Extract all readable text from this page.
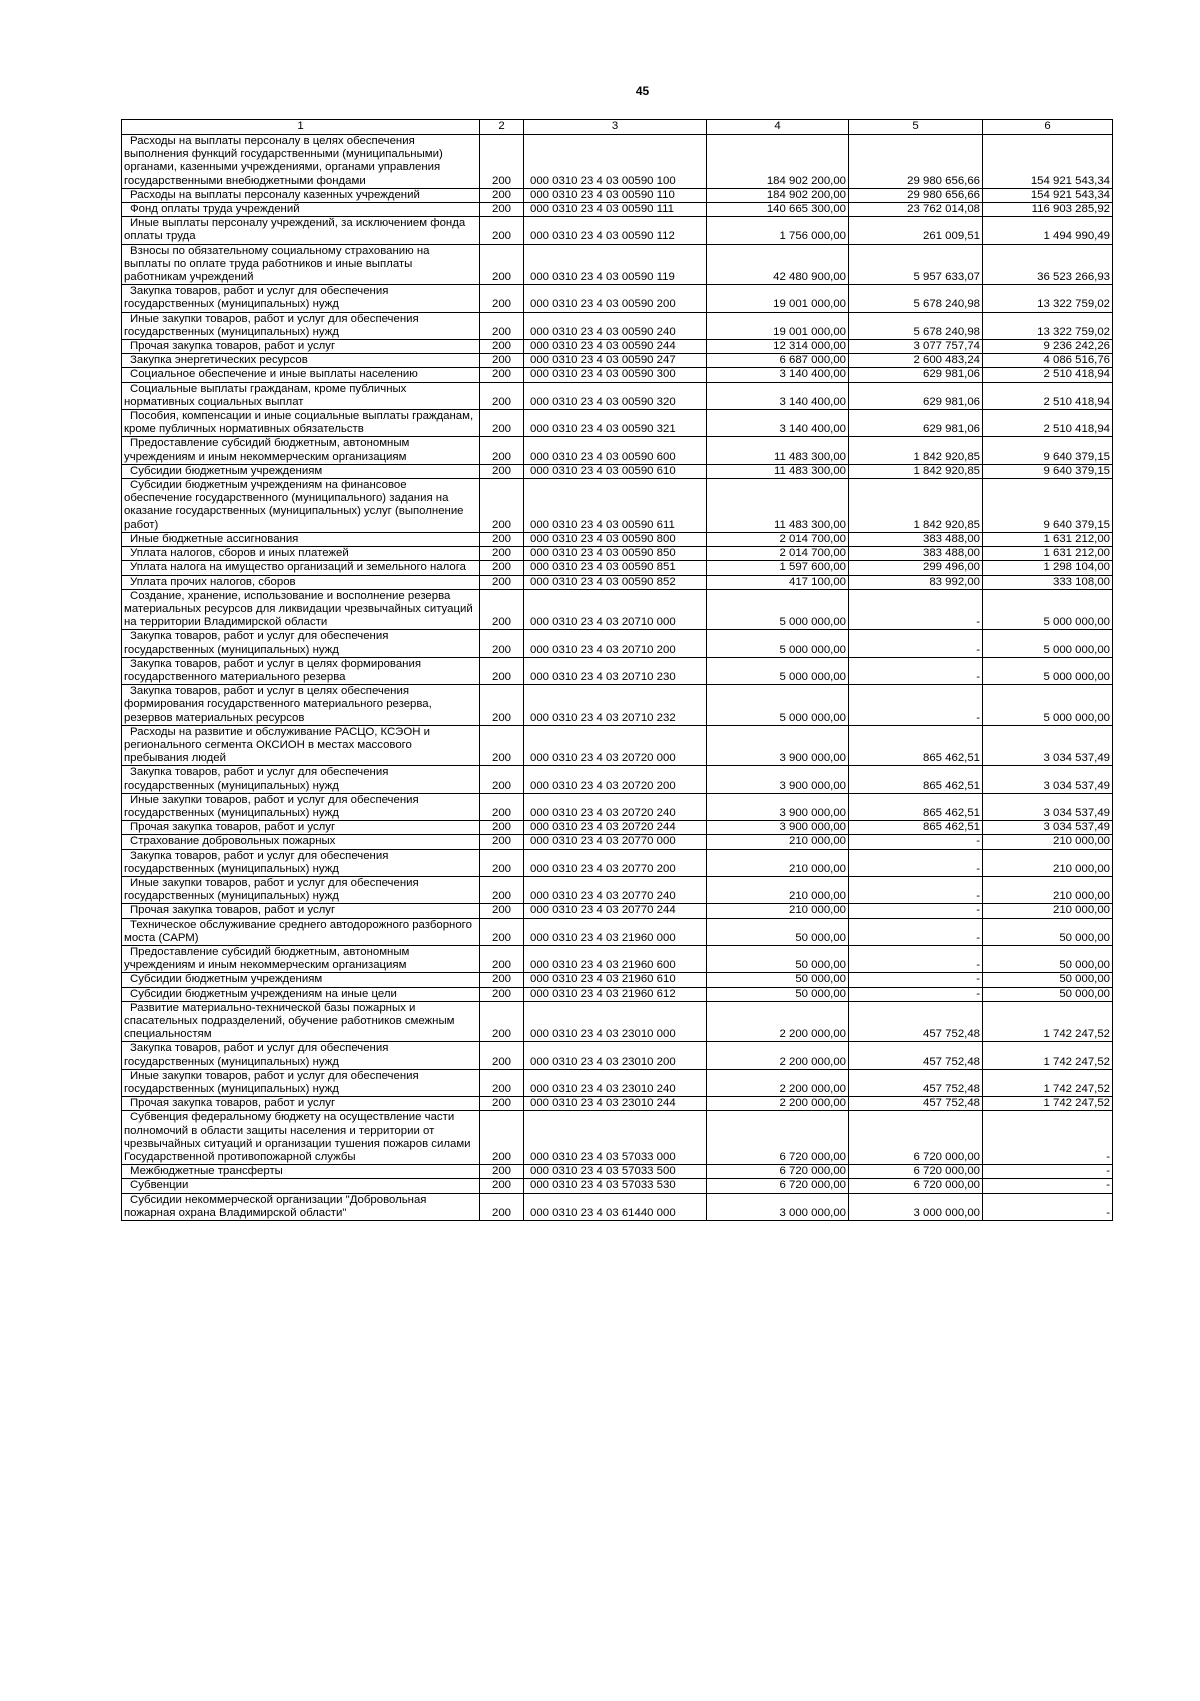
45
1	2	3	4	5	6
Расходы на выплаты персоналу в целях обеспечения выполнения функций государственными (муниципальными) органами, казенными учреждениями, органами управления государственными внебюджетными фондами	200	000 0310 23 4 03 00590 100	184 902 200,00	29 980 656,66	154 921 543,34
Расходы на выплаты персоналу казенных учреждений	200	000 0310 23 4 03 00590 110	184 902 200,00	29 980 656,66	154 921 543,34
Фонд оплаты труда учреждений	200	000 0310 23 4 03 00590 111	140 665 300,00	23 762 014,08	116 903 285,92
Иные выплаты персоналу учреждений, за исключением фонда оплаты труда	200	000 0310 23 4 03 00590 112	1 756 000,00	261 009,51	1 494 990,49
Взносы по обязательному социальному страхованию на выплаты по оплате труда работников и иные выплаты работникам учреждений	200	000 0310 23 4 03 00590 119	42 480 900,00	5 957 633,07	36 523 266,93
Закупка товаров, работ и услуг для обеспечения государственных (муниципальных) нужд	200	000 0310 23 4 03 00590 200	19 001 000,00	5 678 240,98	13 322 759,02
Иные закупки товаров, работ и услуг для обеспечения государственных (муниципальных) нужд	200	000 0310 23 4 03 00590 240	19 001 000,00	5 678 240,98	13 322 759,02
Прочая закупка товаров, работ и услуг	200	000 0310 23 4 03 00590 244	12 314 000,00	3 077 757,74	9 236 242,26
Закупка энергетических ресурсов	200	000 0310 23 4 03 00590 247	6 687 000,00	2 600 483,24	4 086 516,76
Социальное обеспечение и иные выплаты населению	200	000 0310 23 4 03 00590 300	3 140 400,00	629 981,06	2 510 418,94
Социальные выплаты гражданам, кроме публичных нормативных социальных выплат	200	000 0310 23 4 03 00590 320	3 140 400,00	629 981,06	2 510 418,94
Пособия, компенсации и иные социальные выплаты гражданам, кроме публичных нормативных обязательств	200	000 0310 23 4 03 00590 321	3 140 400,00	629 981,06	2 510 418,94
Предоставление субсидий бюджетным, автономным учреждениям и иным некоммерческим организациям	200	000 0310 23 4 03 00590 600	11 483 300,00	1 842 920,85	9 640 379,15
Субсидии бюджетным учреждениям	200	000 0310 23 4 03 00590 610	11 483 300,00	1 842 920,85	9 640 379,15
Субсидии бюджетным учреждениям на финансовое обеспечение государственного (муниципального) задания на оказание государственных (муниципальных) услуг (выполнение работ)	200	000 0310 23 4 03 00590 611	11 483 300,00	1 842 920,85	9 640 379,15
Иные бюджетные ассигнования	200	000 0310 23 4 03 00590 800	2 014 700,00	383 488,00	1 631 212,00
Уплата налогов, сборов и иных платежей	200	000 0310 23 4 03 00590 850	2 014 700,00	383 488,00	1 631 212,00
Уплата налога на имущество организаций и земельного налога	200	000 0310 23 4 03 00590 851	1 597 600,00	299 496,00	1 298 104,00
Уплата прочих налогов, сборов	200	000 0310 23 4 03 00590 852	417 100,00	83 992,00	333 108,00
Создание, хранение, использование и восполнение резерва материальных ресурсов для ликвидации чрезвычайных ситуаций на территории Владимирской области	200	000 0310 23 4 03 20710 000	5 000 000,00	-	5 000 000,00
Закупка товаров, работ и услуг для обеспечения государственных (муниципальных) нужд	200	000 0310 23 4 03 20710 200	5 000 000,00	-	5 000 000,00
Закупка товаров, работ и услуг в целях формирования государственного материального резерва	200	000 0310 23 4 03 20710 230	5 000 000,00	-	5 000 000,00
Закупка товаров, работ и услуг в целях обеспечения формирования государственного материального резерва, резервов материальных ресурсов	200	000 0310 23 4 03 20710 232	5 000 000,00	-	5 000 000,00
Расходы на развитие и обслуживание РАСЦО, КСЭОН и регионального сегмента ОКСИОН в местах массового пребывания людей	200	000 0310 23 4 03 20720 000	3 900 000,00	865 462,51	3 034 537,49
Закупка товаров, работ и услуг для обеспечения государственных (муниципальных) нужд	200	000 0310 23 4 03 20720 200	3 900 000,00	865 462,51	3 034 537,49
Иные закупки товаров, работ и услуг для обеспечения государственных (муниципальных) нужд	200	000 0310 23 4 03 20720 240	3 900 000,00	865 462,51	3 034 537,49
Прочая закупка товаров, работ и услуг	200	000 0310 23 4 03 20720 244	3 900 000,00	865 462,51	3 034 537,49
Страхование добровольных пожарных	200	000 0310 23 4 03 20770 000	210 000,00	-	210 000,00
Закупка товаров, работ и услуг для обеспечения государственных (муниципальных) нужд	200	000 0310 23 4 03 20770 200	210 000,00	-	210 000,00
Иные закупки товаров, работ и услуг для обеспечения государственных (муниципальных) нужд	200	000 0310 23 4 03 20770 240	210 000,00	-	210 000,00
Прочая закупка товаров, работ и услуг	200	000 0310 23 4 03 20770 244	210 000,00	-	210 000,00
Техническое обслуживание среднего автодорожного разборного моста (САРМ)	200	000 0310 23 4 03 21960 000	50 000,00	-	50 000,00
Предоставление субсидий бюджетным, автономным учреждениям и иным некоммерческим организациям	200	000 0310 23 4 03 21960 600	50 000,00	-	50 000,00
Субсидии бюджетным учреждениям	200	000 0310 23 4 03 21960 610	50 000,00	-	50 000,00
Субсидии бюджетным учреждениям на иные цели	200	000 0310 23 4 03 21960 612	50 000,00	-	50 000,00
Развитие материально-технической базы пожарных и спасательных подразделений, обучение работников смежным специальностям	200	000 0310 23 4 03 23010 000	2 200 000,00	457 752,48	1 742 247,52
Закупка товаров, работ и услуг для обеспечения государственных (муниципальных) нужд	200	000 0310 23 4 03 23010 200	2 200 000,00	457 752,48	1 742 247,52
Иные закупки товаров, работ и услуг для обеспечения государственных (муниципальных) нужд	200	000 0310 23 4 03 23010 240	2 200 000,00	457 752,48	1 742 247,52
Прочая закупка товаров, работ и услуг	200	000 0310 23 4 03 23010 244	2 200 000,00	457 752,48	1 742 247,52
Субвенция федеральному бюджету на осуществление части полномочий в области защиты населения и территории от чрезвычайных ситуаций и организации тушения пожаров силами Государственной противопожарной службы	200	000 0310 23 4 03 57033 000	6 720 000,00	6 720 000,00	-
Межбюджетные трансферты	200	000 0310 23 4 03 57033 500	6 720 000,00	6 720 000,00	-
Субвенции	200	000 0310 23 4 03 57033 530	6 720 000,00	6 720 000,00	-
Субсидии некоммерческой организации "Добровольная пожарная охрана Владимирской области"	200	000 0310 23 4 03 61440 000	3 000 000,00	3 000 000,00	-
